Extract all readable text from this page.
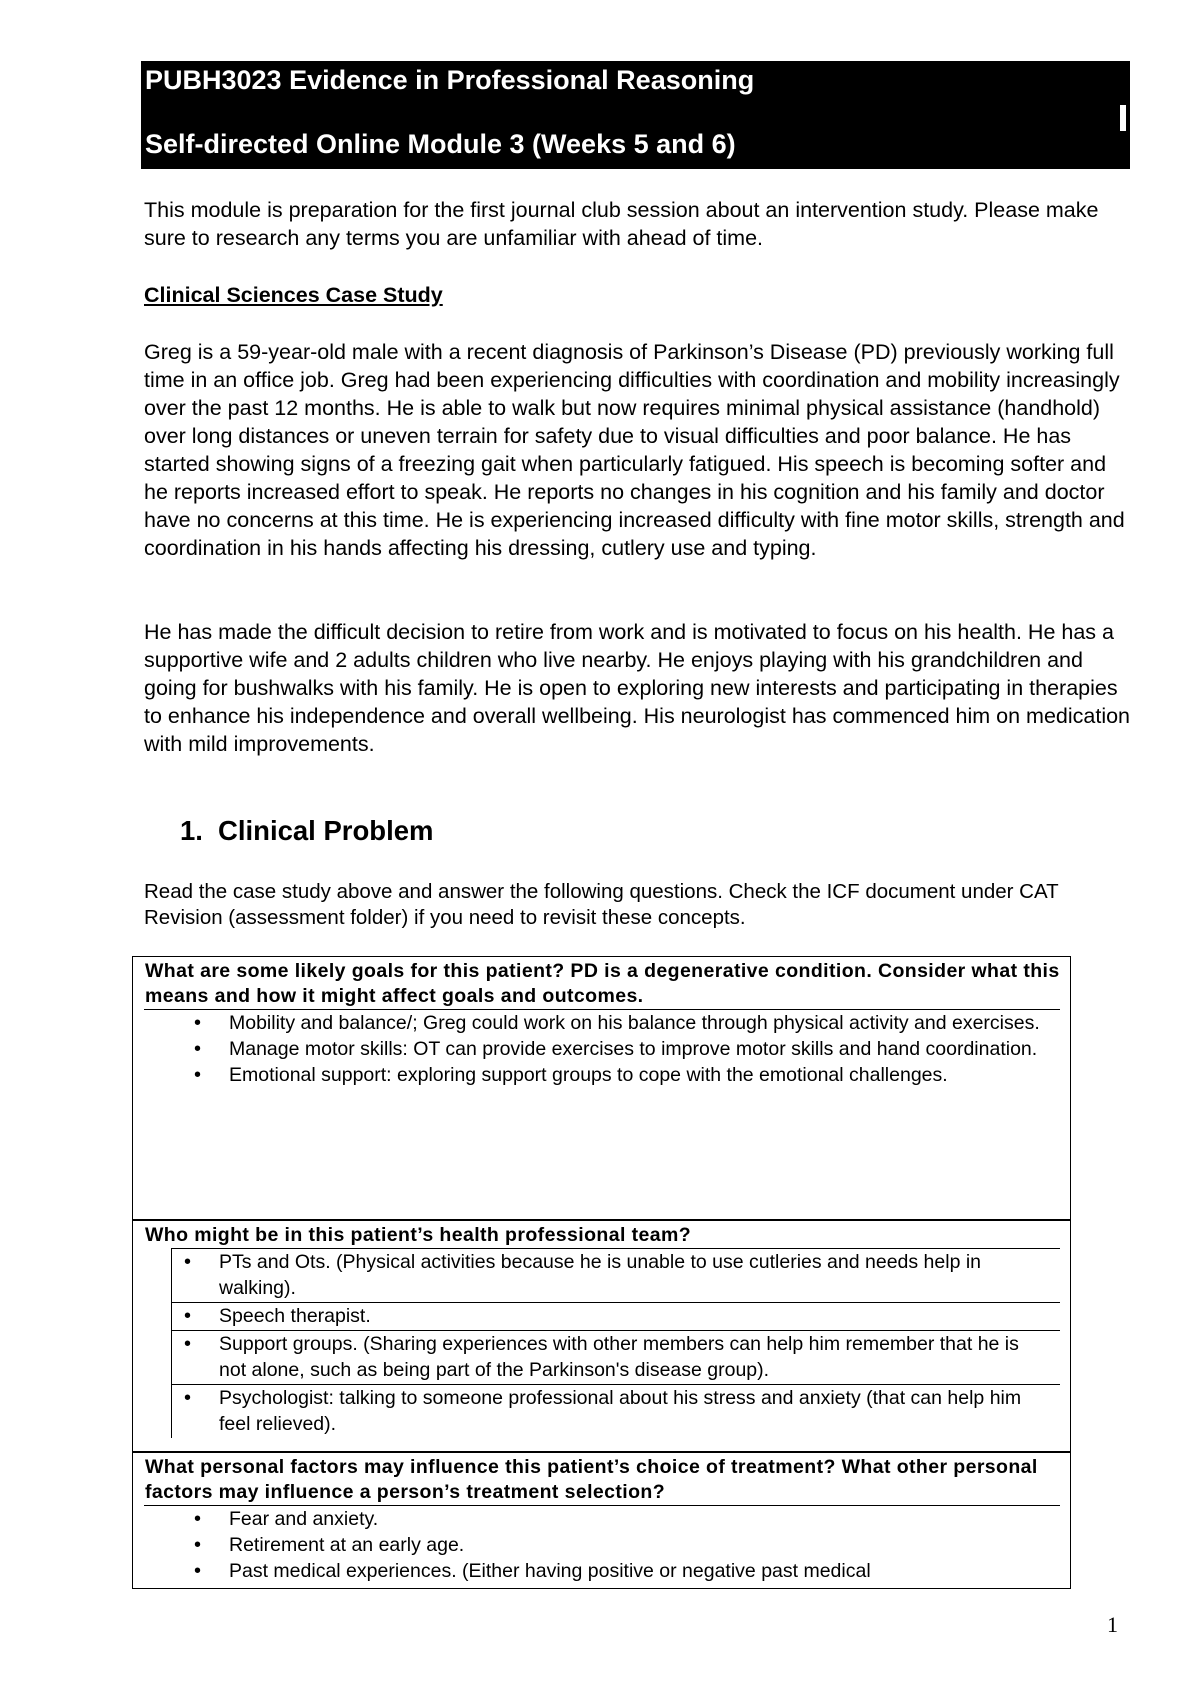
PUBH3023 Evidence in Professional Reasoning
Self-directed Online Module 3 (Weeks 5 and 6)
This module is preparation for the first journal club session about an intervention study. Please make sure to research any terms you are unfamiliar with ahead of time.
Clinical Sciences Case Study
Greg is a 59-year-old male with a recent diagnosis of Parkinson’s Disease (PD) previously working full time in an office job. Greg had been experiencing difficulties with coordination and mobility increasingly over the past 12 months. He is able to walk but now requires minimal physical assistance (handhold) over long distances or uneven terrain for safety due to visual difficulties and poor balance. He has started showing signs of a freezing gait when particularly fatigued. His speech is becoming softer and he reports increased effort to speak. He reports no changes in his cognition and his family and doctor have no concerns at this time. He is experiencing increased difficulty with fine motor skills, strength and coordination in his hands affecting his dressing, cutlery use and typing.
He has made the difficult decision to retire from work and is motivated to focus on his health. He has a supportive wife and 2 adults children who live nearby. He enjoys playing with his grandchildren and going for bushwalks with his family. He is open to exploring new interests and participating in therapies to enhance his independence and overall wellbeing. His neurologist has commenced him on medication with mild improvements.
1. Clinical Problem
Read the case study above and answer the following questions. Check the ICF document under CAT Revision (assessment folder) if you need to revisit these concepts.
What are some likely goals for this patient? PD is a degenerative condition. Consider what this means and how it might affect goals and outcomes.
• Mobility and balance/; Greg could work on his balance through physical activity and exercises.
• Manage motor skills: OT can provide exercises to improve motor skills and hand coordination.
• Emotional support: exploring support groups to cope with the emotional challenges.
Who might be in this patient’s health professional team?
• PTs and Ots. (Physical activities because he is unable to use cutleries and needs help in walking).
• Speech therapist.
• Support groups. (Sharing experiences with other members can help him remember that he is not alone, such as being part of the Parkinson's disease group).
• Psychologist: talking to someone professional about his stress and anxiety (that can help him feel relieved).
What personal factors may influence this patient’s choice of treatment? What other personal factors may influence a person’s treatment selection?
• Fear and anxiety.
• Retirement at an early age.
• Past medical experiences. (Either having positive or negative past medical
1
